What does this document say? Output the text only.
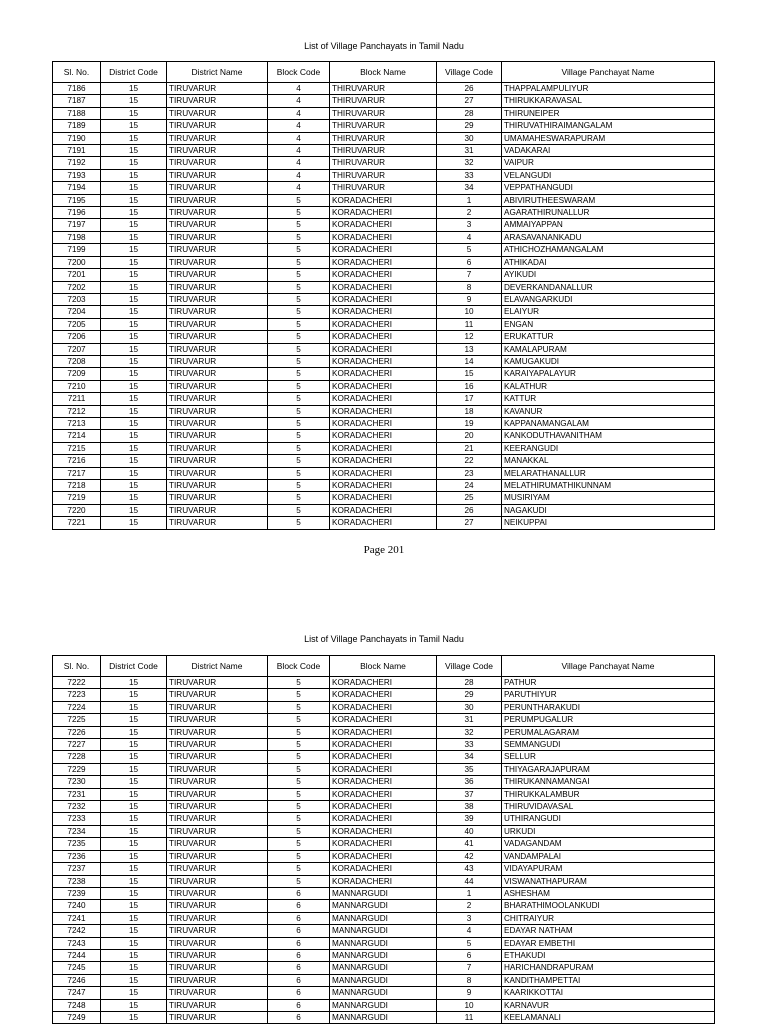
List of Village Panchayats in Tamil Nadu
Sl. No.	District Code	District Name	Block Code	Block Name	Village Code	Village Panchayat Name
7186	15	TIRUVARUR	4	THIRUVARUR	26	THAPPALAMPULIYUR
7187	15	TIRUVARUR	4	THIRUVARUR	27	THIRUKKARAVASAL
7188	15	TIRUVARUR	4	THIRUVARUR	28	THIRUNEIPER
7189	15	TIRUVARUR	4	THIRUVARUR	29	THIRUVATHIRAIMANGALAM
7190	15	TIRUVARUR	4	THIRUVARUR	30	UMAMAHESWARAPURAM
7191	15	TIRUVARUR	4	THIRUVARUR	31	VADAKARAI
7192	15	TIRUVARUR	4	THIRUVARUR	32	VAIPUR
7193	15	TIRUVARUR	4	THIRUVARUR	33	VELANGUDI
7194	15	TIRUVARUR	4	THIRUVARUR	34	VEPPATHANGUDI
7195	15	TIRUVARUR	5	KORADACHERI	1	ABIVIRUTHEESWARAM
7196	15	TIRUVARUR	5	KORADACHERI	2	AGARATHIRUNALLUR
7197	15	TIRUVARUR	5	KORADACHERI	3	AMMAIYAPPAN
7198	15	TIRUVARUR	5	KORADACHERI	4	ARASAVANANKADU
7199	15	TIRUVARUR	5	KORADACHERI	5	ATHICHOZHAMANGALAM
7200	15	TIRUVARUR	5	KORADACHERI	6	ATHIKADAI
7201	15	TIRUVARUR	5	KORADACHERI	7	AYIKUDI
7202	15	TIRUVARUR	5	KORADACHERI	8	DEVERKANDANALLUR
7203	15	TIRUVARUR	5	KORADACHERI	9	ELAVANGARKUDI
7204	15	TIRUVARUR	5	KORADACHERI	10	ELAIYUR
7205	15	TIRUVARUR	5	KORADACHERI	11	ENGAN
7206	15	TIRUVARUR	5	KORADACHERI	12	ERUKATTUR
7207	15	TIRUVARUR	5	KORADACHERI	13	KAMALAPURAM
7208	15	TIRUVARUR	5	KORADACHERI	14	KAMUGAKUDI
7209	15	TIRUVARUR	5	KORADACHERI	15	KARAIYAPALAYUR
7210	15	TIRUVARUR	5	KORADACHERI	16	KALATHUR
7211	15	TIRUVARUR	5	KORADACHERI	17	KATTUR
7212	15	TIRUVARUR	5	KORADACHERI	18	KAVANUR
7213	15	TIRUVARUR	5	KORADACHERI	19	KAPPANAMANGALAM
7214	15	TIRUVARUR	5	KORADACHERI	20	KANKODUTHAVANITHAM
7215	15	TIRUVARUR	5	KORADACHERI	21	KEERANGUDI
7216	15	TIRUVARUR	5	KORADACHERI	22	MANAKKAL
7217	15	TIRUVARUR	5	KORADACHERI	23	MELARATHANALLUR
7218	15	TIRUVARUR	5	KORADACHERI	24	MELATHIRUMATHIKUNNAM
7219	15	TIRUVARUR	5	KORADACHERI	25	MUSIRIYAM
7220	15	TIRUVARUR	5	KORADACHERI	26	NAGAKUDI
7221	15	TIRUVARUR	5	KORADACHERI	27	NEIKUPPAI
Page 201
List of Village Panchayats in Tamil Nadu
Sl. No.	District Code	District Name	Block Code	Block Name	Village Code	Village Panchayat Name
7222	15	TIRUVARUR	5	KORADACHERI	28	PATHUR
7223	15	TIRUVARUR	5	KORADACHERI	29	PARUTHIYUR
7224	15	TIRUVARUR	5	KORADACHERI	30	PERUNTHARAKUDI
7225	15	TIRUVARUR	5	KORADACHERI	31	PERUMPUGALUR
7226	15	TIRUVARUR	5	KORADACHERI	32	PERUMALAGARAM
7227	15	TIRUVARUR	5	KORADACHERI	33	SEMMANGUDI
7228	15	TIRUVARUR	5	KORADACHERI	34	SELLUR
7229	15	TIRUVARUR	5	KORADACHERI	35	THIYAGARAJAPURAM
7230	15	TIRUVARUR	5	KORADACHERI	36	THIRUKANNAMANGAI
7231	15	TIRUVARUR	5	KORADACHERI	37	THIRUKKALAMBUR
7232	15	TIRUVARUR	5	KORADACHERI	38	THIRUVIDAVASAL
7233	15	TIRUVARUR	5	KORADACHERI	39	UTHIRANGUDI
7234	15	TIRUVARUR	5	KORADACHERI	40	URKUDI
7235	15	TIRUVARUR	5	KORADACHERI	41	VADAGANDAM
7236	15	TIRUVARUR	5	KORADACHERI	42	VANDAMPALAI
7237	15	TIRUVARUR	5	KORADACHERI	43	VIDAYAPURAM
7238	15	TIRUVARUR	5	KORADACHERI	44	VISWANATHAPURAM
7239	15	TIRUVARUR	6	MANNARGUDI	1	ASHESHAM
7240	15	TIRUVARUR	6	MANNARGUDI	2	BHARATHIMOOLANKUDI
7241	15	TIRUVARUR	6	MANNARGUDI	3	CHITRAIYUR
7242	15	TIRUVARUR	6	MANNARGUDI	4	EDAYAR NATHAM
7243	15	TIRUVARUR	6	MANNARGUDI	5	EDAYAR EMBETHI
7244	15	TIRUVARUR	6	MANNARGUDI	6	ETHAKUDI
7245	15	TIRUVARUR	6	MANNARGUDI	7	HARICHANDRAPURAM
7246	15	TIRUVARUR	6	MANNARGUDI	8	KANDITHAMPETTAI
7247	15	TIRUVARUR	6	MANNARGUDI	9	KAARIKKOTTAI
7248	15	TIRUVARUR	6	MANNARGUDI	10	KARNAVUR
7249	15	TIRUVARUR	6	MANNARGUDI	11	KEELAMANALI
